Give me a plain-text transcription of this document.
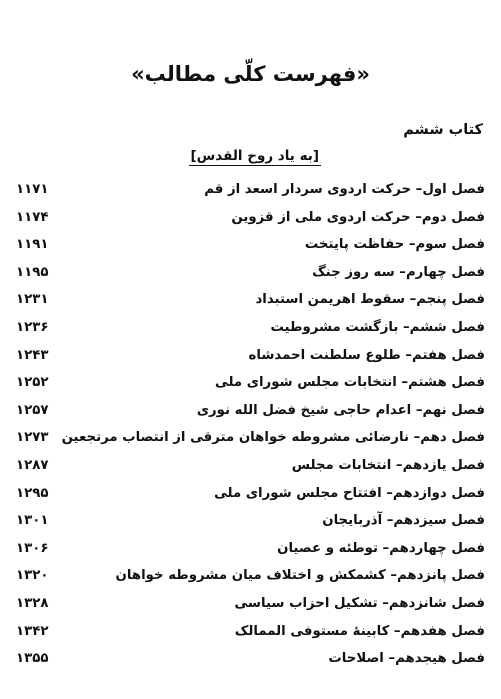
«فهرست کلّی مطالب»
کتاب ششم
[به یاد روح القدس]
فصل اول– حرکت اردوی سردار اسعد از قم
۱۱۷۱
فصل دوم– حرکت اردوی ملی از قزوین
۱۱۷۴
فصل سوم– حفاظت پایتخت
۱۱۹۱
فصل چهارم– سه روز جنگ
۱۱۹۵
فصل پنجم– سقوط اهریمن استبداد
۱۲۳۱
فصل ششم– بازگشت مشروطیت
۱۲۳۶
فصل هفتم– طلوع سلطنت احمدشاه
۱۲۴۳
فصل هشتم– انتخابات مجلس شورای ملی
۱۲۵۲
فصل نهم– اعدام حاجی شیخ فضل الله نوری
۱۲۵۷
فصل دهم– نارضائی مشروطه خواهان مترقی از انتصاب مرتجعین
۱۲۷۳
فصل یازدهم– انتخابات مجلس
۱۲۸۷
فصل دوازدهم– افتتاح مجلس شورای ملی
۱۲۹۵
فصل سیزدهم– آذربایجان
۱۳۰۱
فصل چهاردهم– توطئه و عصیان
۱۳۰۶
فصل پانزدهم– کشمکش و اختلاف میان مشروطه خواهان
۱۳۲۰
فصل شانزدهم– تشکیل احزاب سیاسی
۱۳۲۸
فصل هفدهم– کابینهٔ مستوفی الممالک
۱۳۴۲
فصل هیجدهم– اصلاحات
۱۳۵۵
